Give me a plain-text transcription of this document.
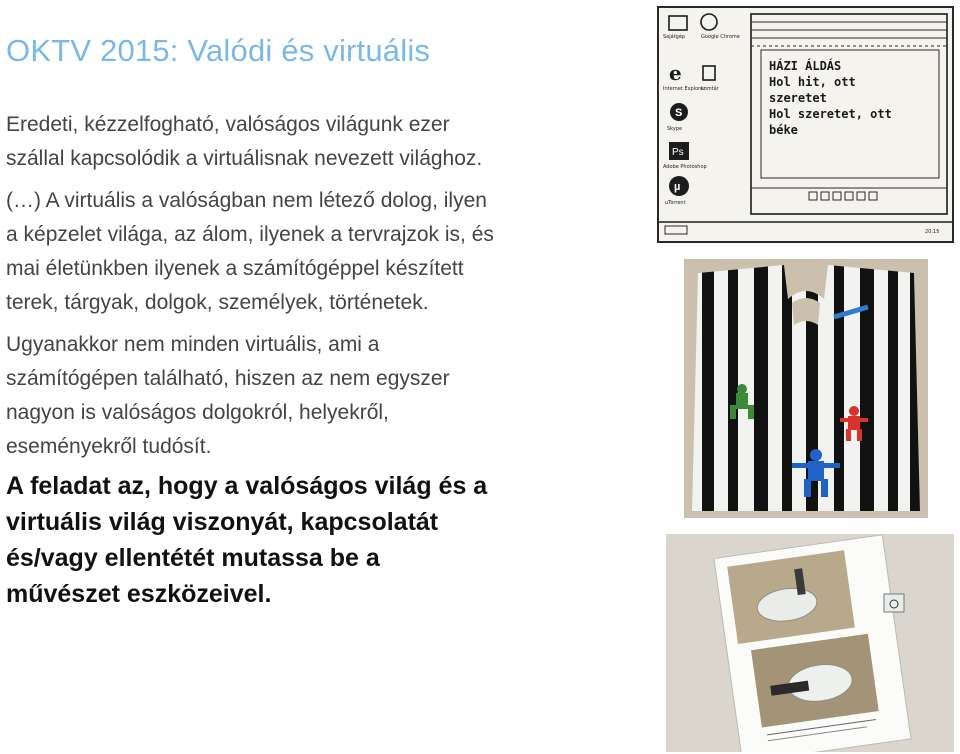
OKTV 2015: Valódi és virtuális

Eredeti, kézzelfogható, valóságos világunk ezer szállal kapcsolódik a virtuálisnak nevezett világhoz.

(…) A virtuális a valóságban nem létező dolog, ilyen a képzelet világa, az álom, ilyenek a tervrajzok is, és mai életünkben ilyenek a számítógéppel készített terek, tárgyak, dolgok, személyek, történetek.

Ugyanakkor nem minden virtuális, ami a számítógépen található, hiszen az nem egyszer nagyon is valóságos dolgokról, helyekről, eseményekről tudósít.

A feladat az, hogy a valóságos világ és a virtuális világ viszonyát, kapcsolatát és/vagy ellentétét mutassa be a művészet eszközeivel.

Sajátgép	Google Chrome
e
Internet Explorer
Lomtár
S
Skype
Ps
Adobe Photoshop
µ
uTorrent
HÁZI ÁLDÁS
Hol hit, ott
szeretet
Hol szeretet, ott
béke
20:15
